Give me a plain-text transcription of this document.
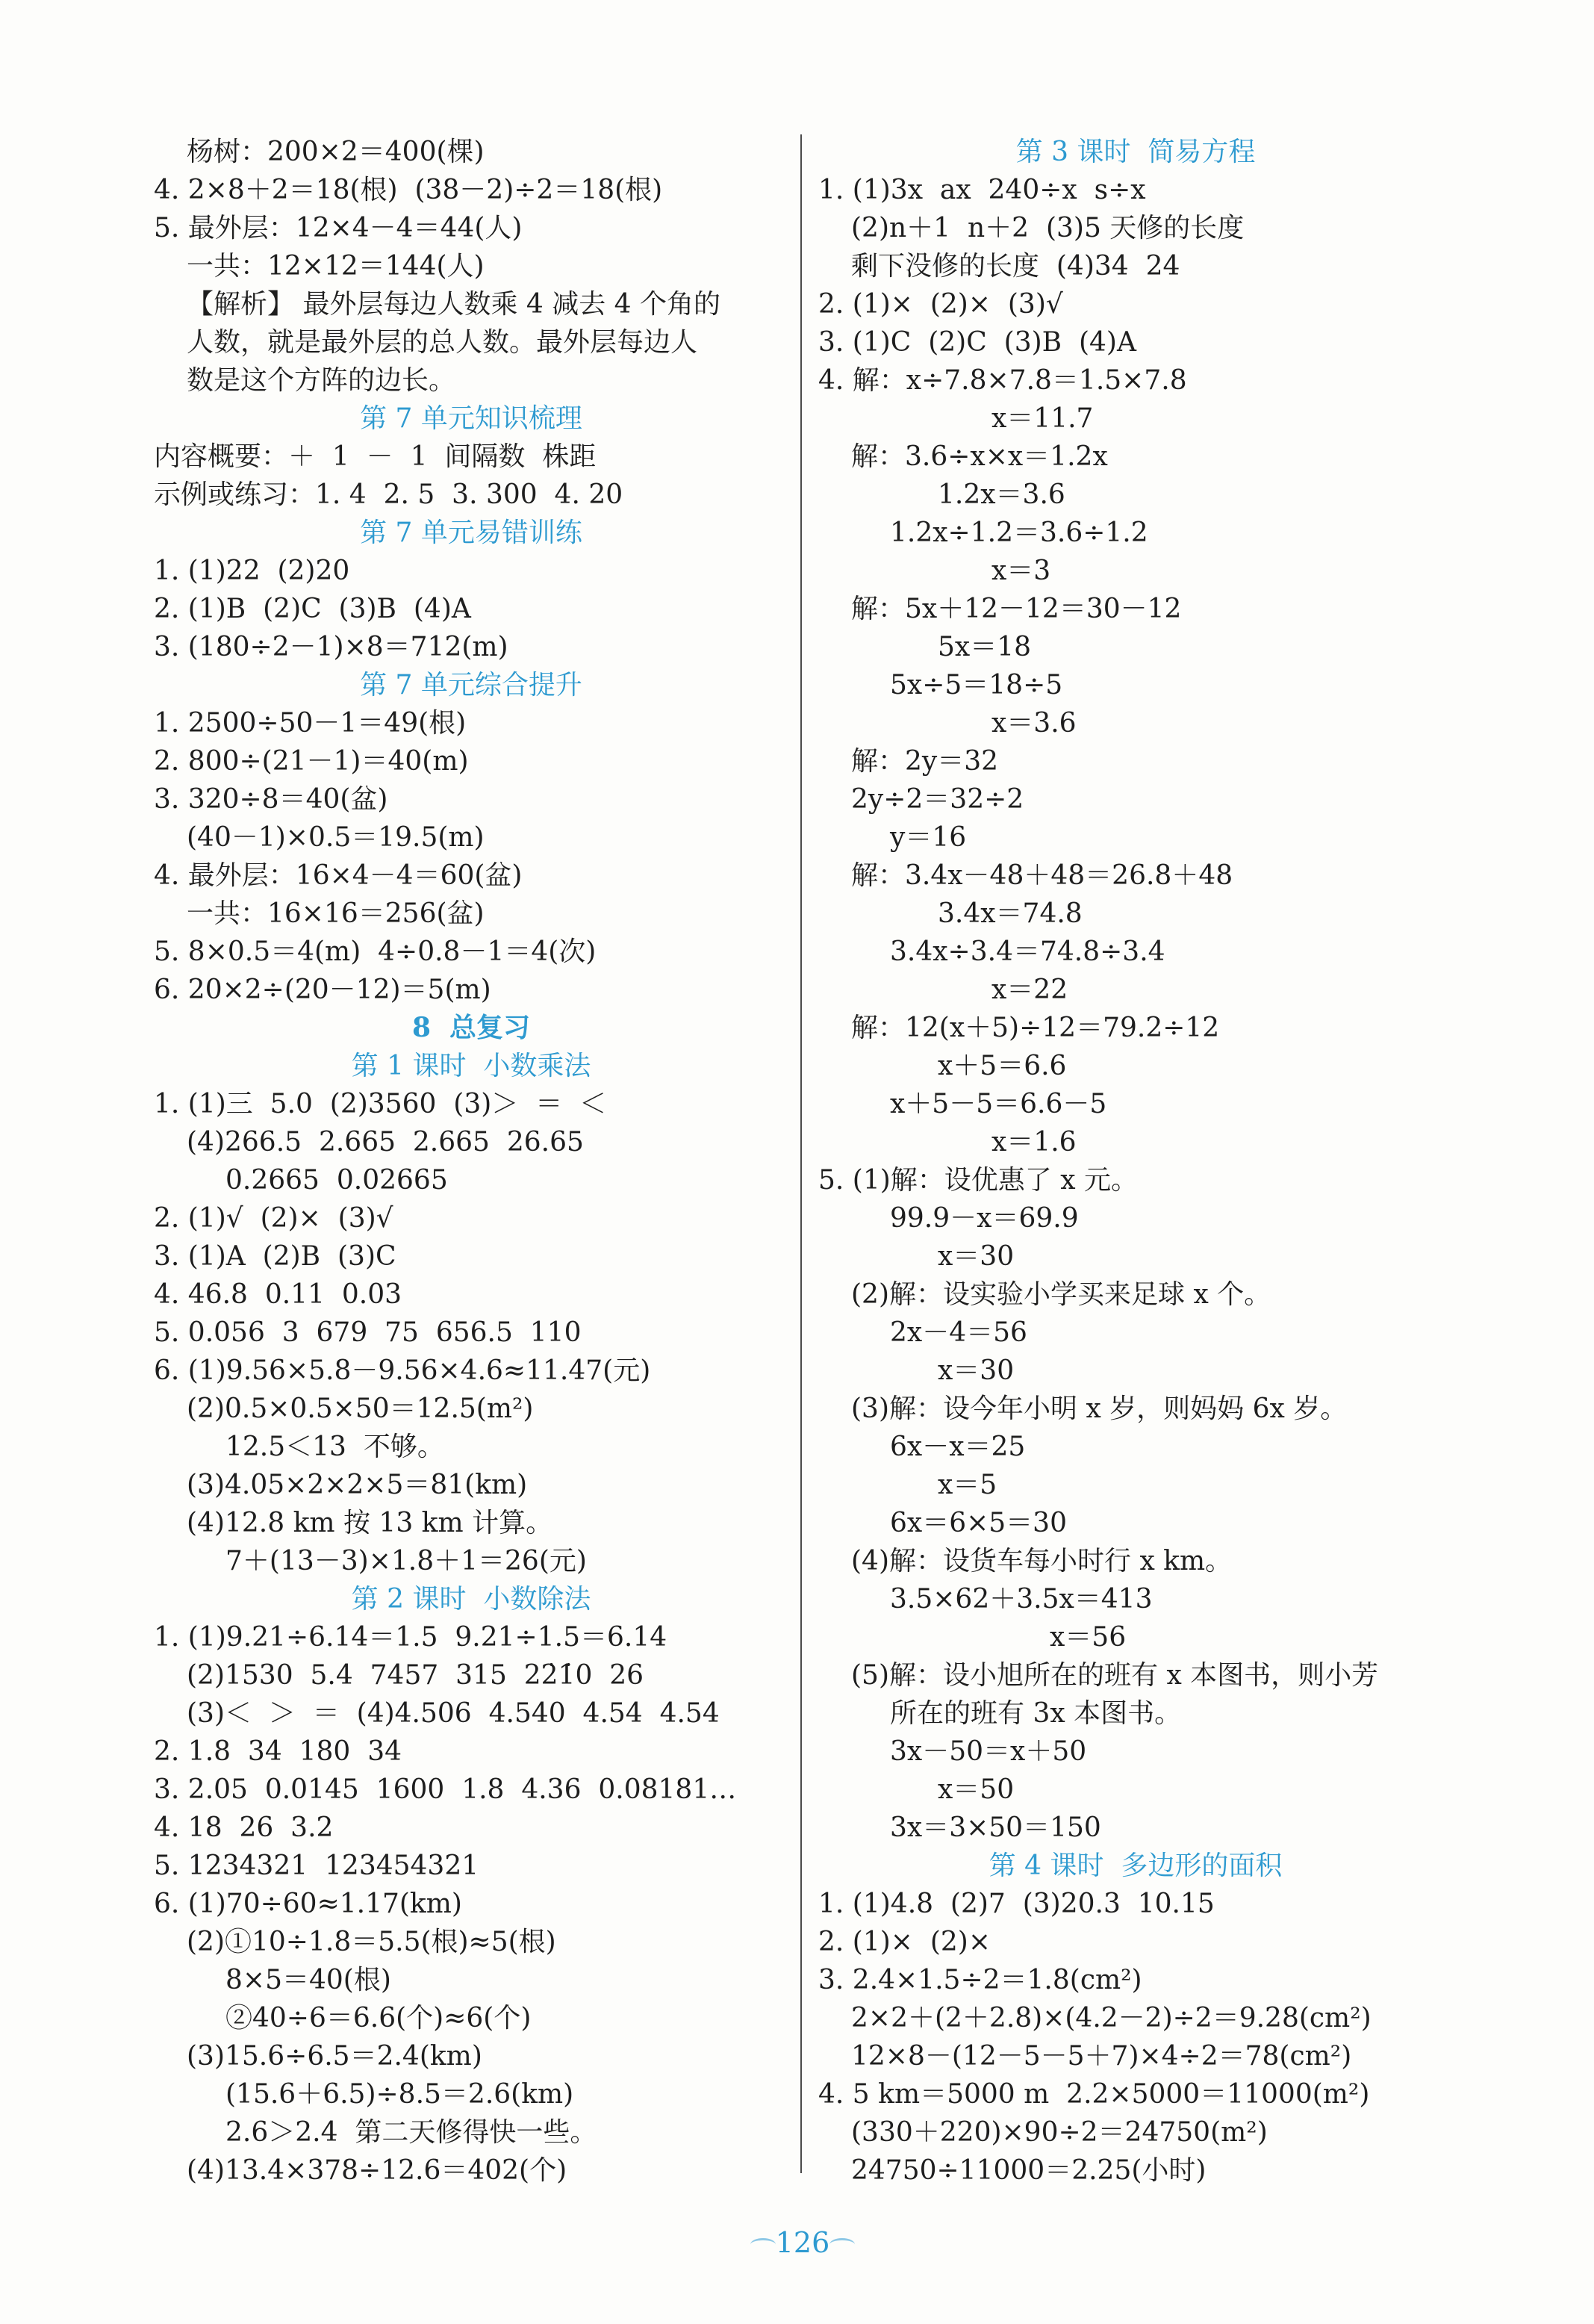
杨树：200×2＝400(棵)
4. 2×8＋2＝18(根)  (38－2)÷2＝18(根)
5. 最外层：12×4－4＝44(人)
一共：12×12＝144(人)
【解析】 最外层每边人数乘 4 减去 4 个角的
人数，就是最外层的总人数。最外层每边人
数是这个方阵的边长。
第 7 单元知识梳理
内容概要：＋  1  －  1  间隔数  株距
示例或练习：1. 4  2. 5  3. 300  4. 20
第 7 单元易错训练
1. (1)22  (2)20
2. (1)B  (2)C  (3)B  (4)A
3. (180÷2－1)×8＝712(m)
第 7 单元综合提升
1. 2500÷50－1＝49(根)
2. 800÷(21－1)＝40(m)
3. 320÷8＝40(盆)
(40－1)×0.5＝19.5(m)
4. 最外层：16×4－4＝60(盆)
一共：16×16＝256(盆)
5. 8×0.5＝4(m)  4÷0.8－1＝4(次)
6. 20×2÷(20－12)＝5(m)
8  总复习
第 1 课时  小数乘法
1. (1)三  5.0  (2)3560  (3)＞  ＝  ＜
(4)266.5  2.665  2.665  26.65
0.2665  0.02665
2. (1)√  (2)×  (3)√
3. (1)A  (2)B  (3)C
4. 46.8  0.11  0.03
5. 0.056  3  679  75  656.5  110
6. (1)9.56×5.8－9.56×4.6≈11.47(元)
(2)0.5×0.5×50＝12.5(m²)
12.5＜13  不够。
(3)4.05×2×2×5＝81(km)
(4)12.8 km 按 13 km 计算。
7＋(13－3)×1.8＋1＝26(元)
第 2 课时  小数除法
1. (1)9.21÷6.14＝1.5  9.21÷1.5＝6.14
(2)1530  5.4  7457  315  22̇1̇0  26
(3)＜  ＞  ＝  (4)4.506  4.540  4.54  4.54
2. 1.8  34  180  34
3. 2.05  0.0145  1600  1.8  4.36  0.08181…
4. 18  26  3.2
5. 1234321  123454321
6. (1)70÷60≈1.17(km)
(2)①10÷1.8＝5.5(根)≈5(根)
8×5＝40(根)
②40÷6＝6.6(个)≈6(个)
(3)15.6÷6.5＝2.4(km)
(15.6＋6.5)÷8.5＝2.6(km)
2.6＞2.4  第二天修得快一些。
(4)13.4×378÷12.6＝402(个)
第 3 课时  简易方程
1. (1)3x  ax  240÷x  s÷x
(2)n＋1  n＋2  (3)5 天修的长度
剩下没修的长度  (4)34  24
2. (1)×  (2)×  (3)√
3. (1)C  (2)C  (3)B  (4)A
4. 解：x÷7.8×7.8＝1.5×7.8
x＝11.7
解：3.6÷x×x＝1.2x
1.2x＝3.6
1.2x÷1.2＝3.6÷1.2
x＝3
解：5x＋12－12＝30－12
5x＝18
5x÷5＝18÷5
x＝3.6
解：2y＝32
2y÷2＝32÷2
y＝16
解：3.4x－48＋48＝26.8＋48
3.4x＝74.8
3.4x÷3.4＝74.8÷3.4
x＝22
解：12(x＋5)÷12＝79.2÷12
x＋5＝6.6
x＋5－5＝6.6－5
x＝1.6
5. (1)解：设优惠了 x 元。
99.9－x＝69.9
x＝30
(2)解：设实验小学买来足球 x 个。
2x－4＝56
x＝30
(3)解：设今年小明 x 岁，则妈妈 6x 岁。
6x－x＝25
x＝5
6x＝6×5＝30
(4)解：设货车每小时行 x km。
3.5×62＋3.5x＝413
x＝56
(5)解：设小旭所在的班有 x 本图书，则小芳
所在的班有 3x 本图书。
3x－50＝x＋50
x＝50
3x＝3×50＝150
第 4 课时  多边形的面积
1. (1)4.8  (2)7  (3)20.3  10.15
2. (1)×  (2)×
3. 2.4×1.5÷2＝1.8(cm²)
2×2＋(2＋2.8)×(4.2－2)÷2＝9.28(cm²)
12×8－(12－5－5＋7)×4÷2＝78(cm²)
4. 5 km＝5000 m  2.2×5000＝11000(m²)
(330＋220)×90÷2＝24750(m²)
24750÷11000＝2.25(小时)
126
